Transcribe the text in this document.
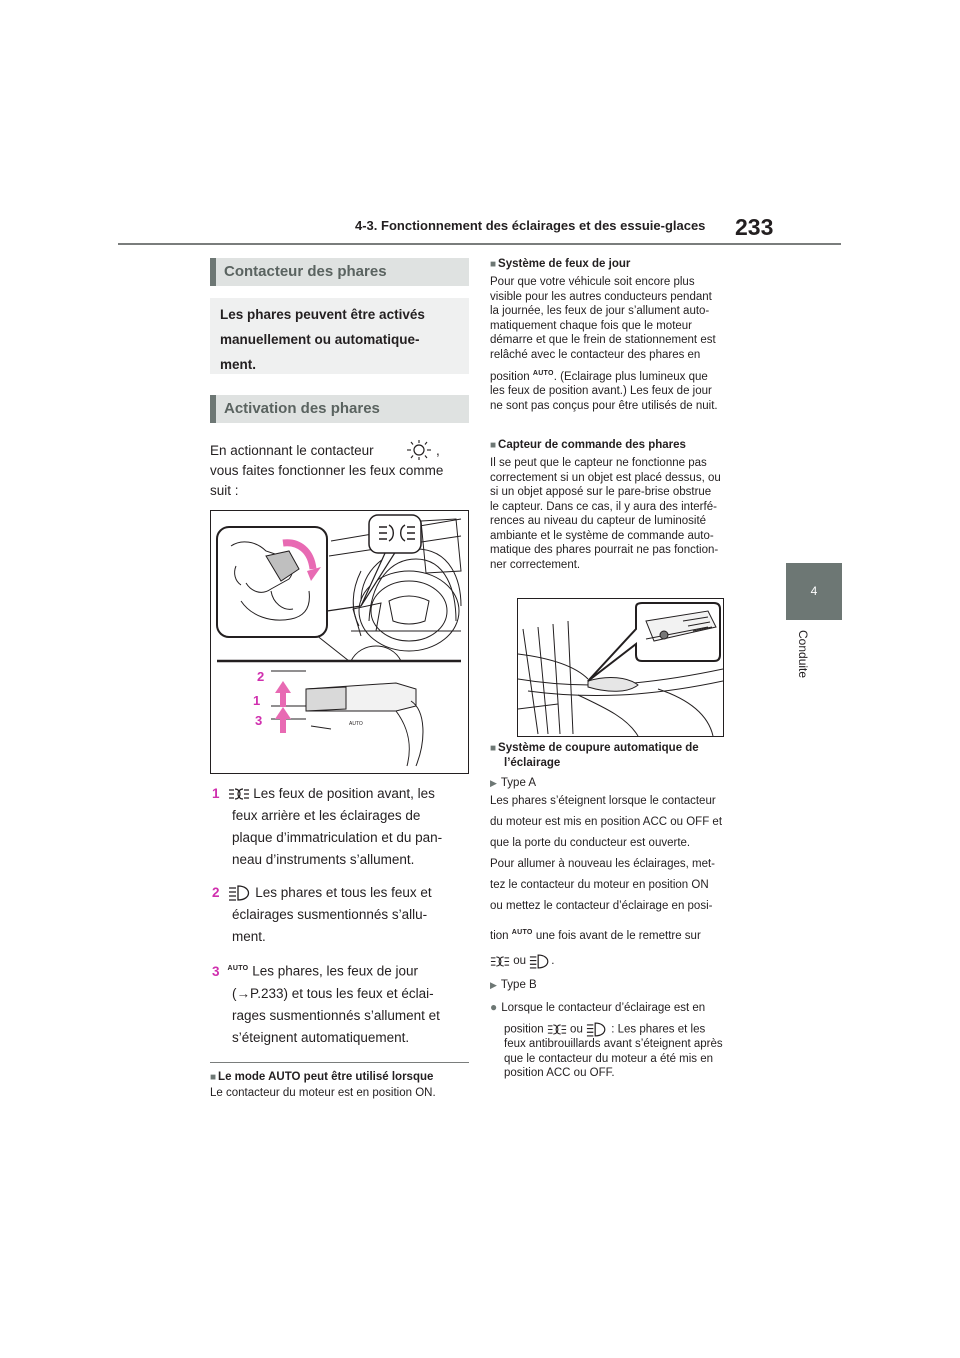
4-3. Fonctionnement des éclairages et des essuie-glaces 233
4
Conduite
Contacteur des phares
Les phares peuvent être activés
manuellement ou automatique-
ment.
Activation des phares
En actionnant le contacteur	,
vous faites fonctionner les feux comme
suit :
2
1
3	AUTO
1	Les feux de position avant, les
feux arrière et les éclairages de
plaque d’immatriculation et du pan-
neau d’instruments s’allument.
2	Les phares et tous les feux et
éclairages susmentionnés s’allu-
ment.
3 $^{AUTO}$ Les phares, les feux de jour
(→P.233) et tous les feux et éclai-
rages susmentionnés s’allument et
s’éteignent automatiquement.
■ Le mode AUTO peut être utilisé lorsque
Le contacteur du moteur est en position ON.
■ Système de feux de jour
Pour que votre véhicule soit encore plus
visible pour les autres conducteurs pendant
la journée, les feux de jour s’allument auto-
matiquement chaque fois que le moteur
démarre et que le frein de stationnement est
relâché avec le contacteur des phares en
position $^{AUTO}$. (Eclairage plus lumineux que
les feux de position avant.) Les feux de jour
ne sont pas conçus pour être utilisés de nuit.
■ Capteur de commande des phares
Il se peut que le capteur ne fonctionne pas
correctement si un objet est placé dessus, ou
si un objet apposé sur le pare-brise obstrue
le capteur. Dans ce cas, il y aura des interfé-
rences au niveau du capteur de luminosité
ambiante et le système de commande auto-
matique des phares pourrait ne pas fonction-
ner correctement.
■ Système de coupure automatique de
l’éclairage
▶ Type A
Les phares s’éteignent lorsque le contacteur
du moteur est mis en position ACC ou OFF et
que la porte du conducteur est ouverte.
Pour allumer à nouveau les éclairages, met-
tez le contacteur du moteur en position ON
ou mettez le contacteur d’éclairage en posi-
tion $^{AUTO}$ une fois avant de le remettre sur
ou .
▶ Type B
● Lorsque le contacteur d’éclairage est en
position ou : Les phares et les
feux antibrouillards avant s’éteignent après
que le contacteur du moteur a été mis en
position ACC ou OFF.
